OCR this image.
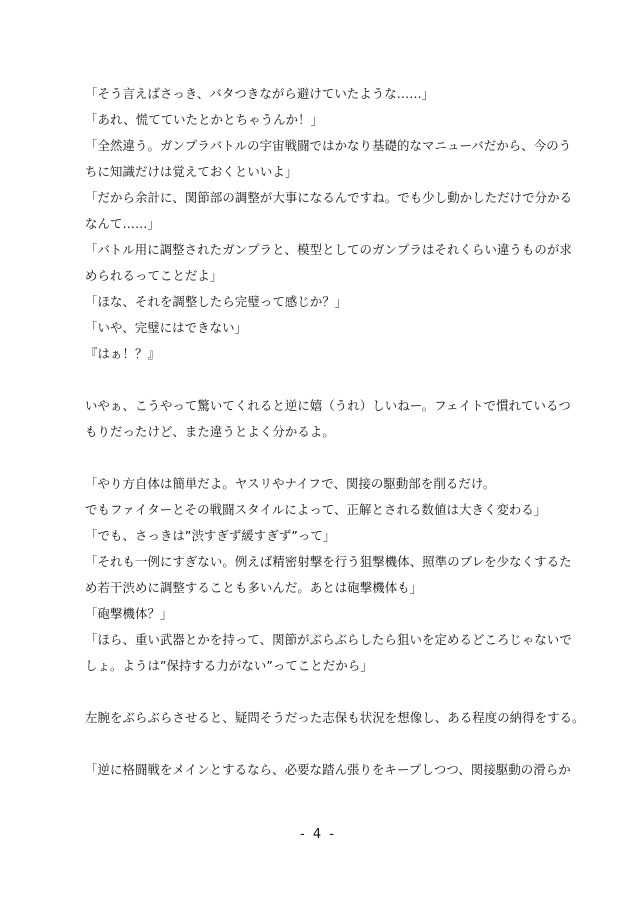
「そう言えばさっき、バタつきながら避けていたような……」
「あれ、慌てていたとかとちゃうんか！」
「全然違う。ガンプラバトルの宇宙戦闘ではかなり基礎的なマニューバだから、今のう
ちに知識だけは覚えておくといいよ」
「だから余計に、関節部の調整が大事になるんですね。でも少し動かしただけで分かる
なんて……」
「バトル用に調整されたガンプラと、模型としてのガンプラはそれくらい違うものが求
められるってことだよ」
「ほな、それを調整したら完璧って感じか？」
「いや、完璧にはできない」
『はぁ！？』
いやぁ、こうやって驚いてくれると逆に嬉（うれ）しいねー。フェイトで慣れているつ
もりだったけど、また違うとよく分かるよ。
「やり方自体は簡単だよ。ヤスリやナイフで、関接の駆動部を削るだけ。
でもファイターとその戦闘スタイルによって、正解とされる数値は大きく変わる」
「でも、さっきは”渋すぎず緩すぎず”って」
「それも一例にすぎない。例えば精密射撃を行う狙撃機体、照準のブレを少なくするた
め若干渋めに調整することも多いんだ。あとは砲撃機体も」
「砲撃機体？」
「ほら、重い武器とかを持って、関節がぶらぶらしたら狙いを定めるどころじゃないで
しょ。ようは”保持する力がない”ってことだから」
左腕をぶらぶらさせると、疑問そうだった志保も状況を想像し、ある程度の納得をする。
「逆に格闘戦をメインとするなら、必要な踏ん張りをキープしつつ、関接駆動の滑らか
- 4 -
